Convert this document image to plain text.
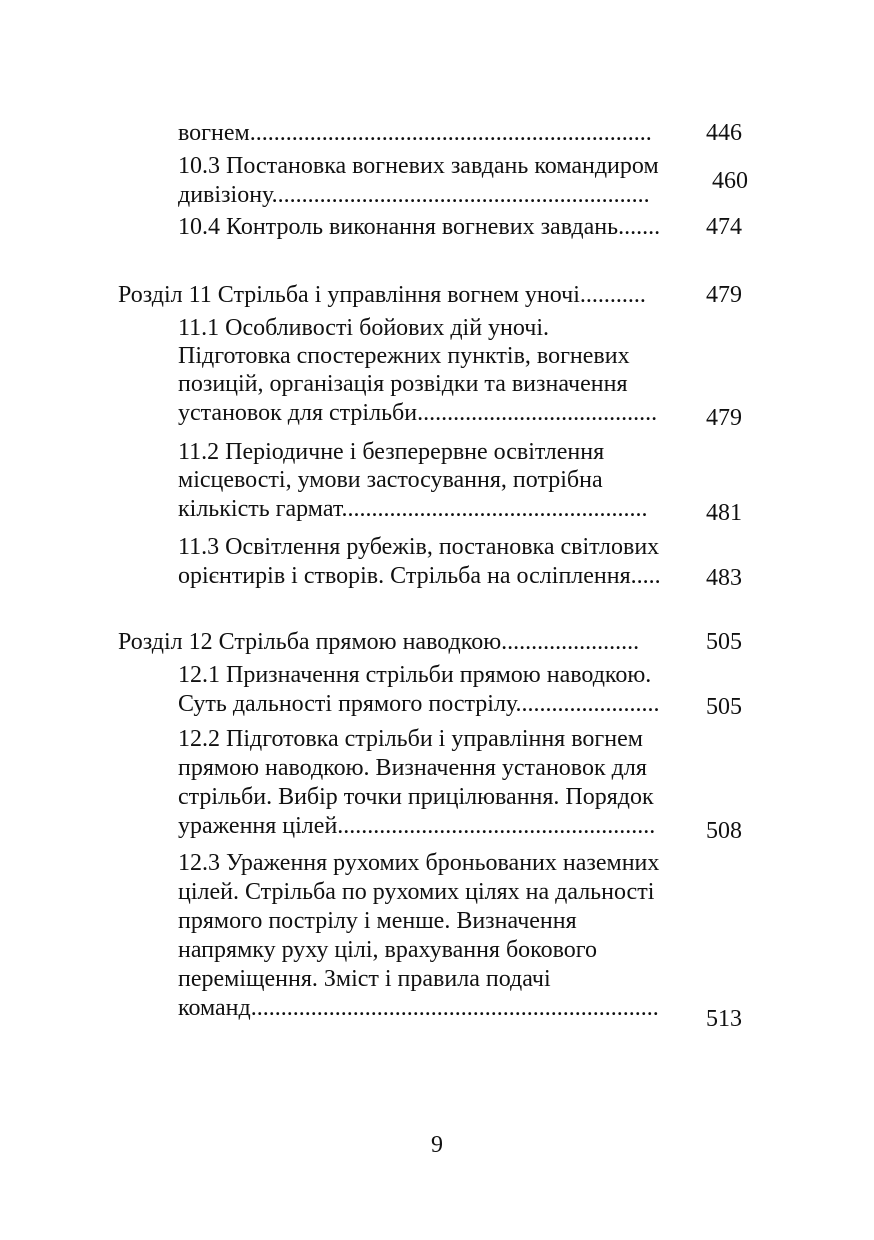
вогнем................................................................... 446
10.3 Постановка вогневих завдань командиром
дивізіону...............................................................
460
10.4 Контроль виконання вогневих завдань....... 474
Розділ 11 Стрільба і управління вогнем уночі...........	479
11.1 Особливості бойових дій уночі.
Підготовка спостережних пунктів, вогневих
позицій, організація розвідки та визначення
установок для стрільби........................................ 479
11.2 Періодичне і безперервне освітлення
місцевості, умови застосування, потрібна
кількість гармат................................................... 481
11.3 Освітлення рубежів, постановка світлових
орієнтирів і створів. Стрільба на осліплення..... 483
Розділ 12 Стрільба прямою наводкою.......................	505
12.1 Призначення стрільби прямою наводкою.
Суть дальності прямого пострілу........................ 505
12.2 Підготовка стрільби і управління вогнем
прямою наводкою. Визначення установок для
стрільби. Вибір точки прицілювання. Порядок
ураження цілей..................................................... 508
12.3 Ураження рухомих броньованих наземних
цілей. Стрільба по рухомих цілях на дальності
прямого пострілу і менше. Визначення
напрямку руху цілі, врахування бокового
переміщення. Зміст і правила подачі
команд.................................................................... 513
9
